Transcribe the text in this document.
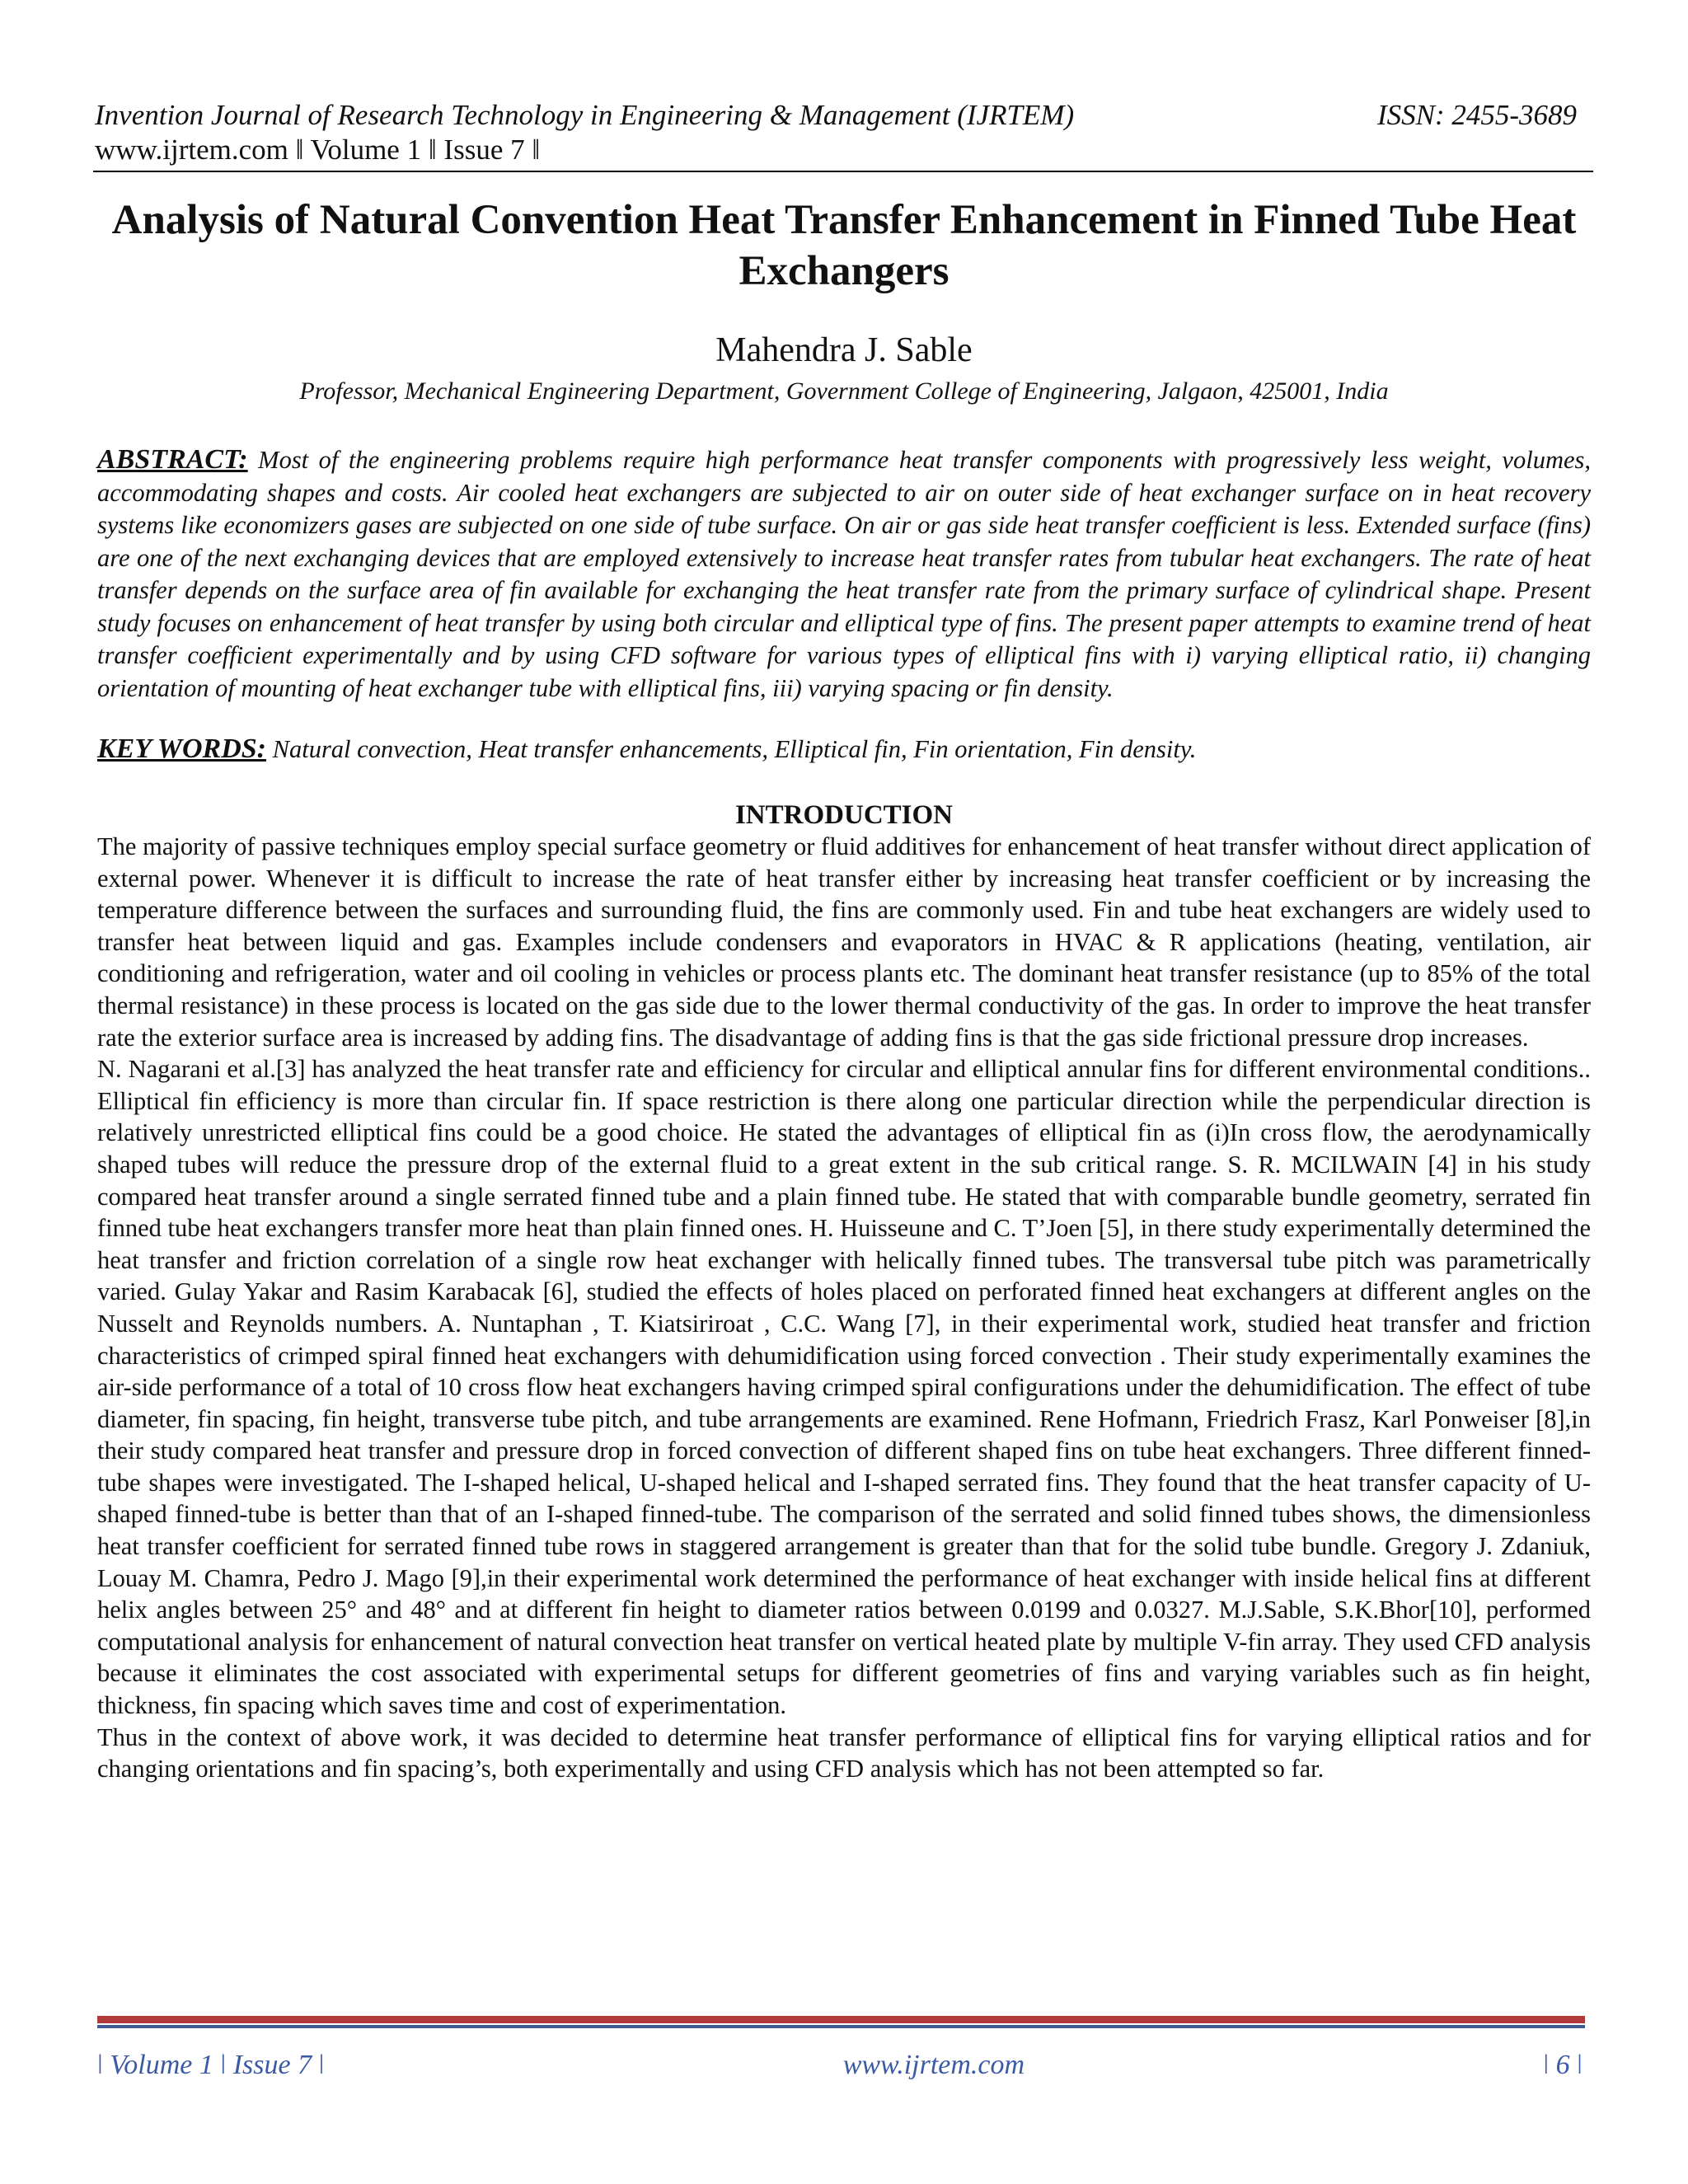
Invention Journal of Research Technology in Engineering & Management (IJRTEM)	ISSN: 2455-3689
www.ijrtem.com ǁ Volume 1 ǁ Issue 7 ǁ
Analysis of Natural Convention Heat Transfer Enhancement in Finned Tube Heat Exchangers
Mahendra J. Sable
Professor, Mechanical Engineering Department, Government College of Engineering, Jalgaon, 425001, India
ABSTRACT: Most of the engineering problems require high performance heat transfer components with progressively less weight, volumes, accommodating shapes and costs. Air cooled heat exchangers are subjected to air on outer side of heat exchanger surface on in heat recovery systems like economizers gases are subjected on one side of tube surface. On air or gas side heat transfer coefficient is less. Extended surface (fins) are one of the next exchanging devices that are employed extensively to increase heat transfer rates from tubular heat exchangers. The rate of heat transfer depends on the surface area of fin available for exchanging the heat transfer rate from the primary surface of cylindrical shape. Present study focuses on enhancement of heat transfer by using both circular and elliptical type of fins. The present paper attempts to examine trend of heat transfer coefficient experimentally and by using CFD software for various types of elliptical fins with i) varying elliptical ratio, ii) changing orientation of mounting of heat exchanger tube with elliptical fins, iii) varying spacing or fin density.
KEY WORDS: Natural convection, Heat transfer enhancements, Elliptical fin, Fin orientation, Fin density.
INTRODUCTION

The majority of passive techniques employ special surface geometry or fluid additives for enhancement of heat transfer without direct application of external power. Whenever it is difficult to increase the rate of heat transfer either by increasing heat transfer coefficient or by increasing the temperature difference between the surfaces and surrounding fluid, the fins are commonly used. Fin and tube heat exchangers are widely used to transfer heat between liquid and gas. Examples include condensers and evaporators in HVAC & R applications (heating, ventilation, air conditioning and refrigeration, water and oil cooling in vehicles or process plants etc. The dominant heat transfer resistance (up to 85% of the total thermal resistance) in these process is located on the gas side due to the lower thermal conductivity of the gas. In order to improve the heat transfer rate the exterior surface area is increased by adding fins. The disadvantage of adding fins is that the gas side frictional pressure drop increases.

N. Nagarani et al.[3] has analyzed the heat transfer rate and efficiency for circular and elliptical annular fins for different environmental conditions.. Elliptical fin efficiency is more than circular fin. If space restriction is there along one particular direction while the perpendicular direction is relatively unrestricted elliptical fins could be a good choice. He stated the advantages of elliptical fin as (i)In cross flow, the aerodynamically shaped tubes will reduce the pressure drop of the external fluid to a great extent in the sub critical range. S. R. MCILWAIN [4] in his study compared heat transfer around a single serrated finned tube and a plain finned tube. He stated that with comparable bundle geometry, serrated fin finned tube heat exchangers transfer more heat than plain finned ones. H. Huisseune and C. T’Joen [5], in there study experimentally determined the heat transfer and friction correlation of a single row heat exchanger with helically finned tubes. The transversal tube pitch was parametrically varied. Gulay Yakar and Rasim Karabacak [6], studied the effects of holes placed on perforated finned heat exchangers at different angles on the Nusselt and Reynolds numbers. A. Nuntaphan , T. Kiatsiriroat , C.C. Wang [7], in their experimental work, studied heat transfer and friction characteristics of crimped spiral finned heat exchangers with dehumidification using forced convection . Their study experimentally examines the air-side performance of a total of 10 cross flow heat exchangers having crimped spiral configurations under the dehumidification. The effect of tube diameter, fin spacing, fin height, transverse tube pitch, and tube arrangements are examined. Rene Hofmann, Friedrich Frasz, Karl Ponweiser [8],in their study compared heat transfer and pressure drop in forced convection of different shaped fins on tube heat exchangers. Three different finned-tube shapes were investigated. The I-shaped helical, U-shaped helical and I-shaped serrated fins. They found that the heat transfer capacity of U-shaped finned-tube is better than that of an I-shaped finned-tube. The comparison of the serrated and solid finned tubes shows, the dimensionless heat transfer coefficient for serrated finned tube rows in staggered arrangement is greater than that for the solid tube bundle. Gregory J. Zdaniuk, Louay M. Chamra, Pedro J. Mago [9],in their experimental work determined the performance of heat exchanger with inside helical fins at different helix angles between 25° and 48° and at different fin height to diameter ratios between 0.0199 and 0.0327. M.J.Sable, S.K.Bhor[10], performed computational analysis for enhancement of natural convection heat transfer on vertical heated plate by multiple V-fin array. They used CFD analysis because it eliminates the cost associated with experimental setups for different geometries of fins and varying variables such as fin height, thickness, fin spacing which saves time and cost of experimentation.

Thus in the context of above work, it was decided to determine heat transfer performance of elliptical fins for varying elliptical ratios and for changing orientations and fin spacing’s, both experimentally and using CFD analysis which has not been attempted so far.

ǀ Volume 1 ǀ Issue 7 ǀ	www.ijrtem.com	ǀ 6 ǀ
